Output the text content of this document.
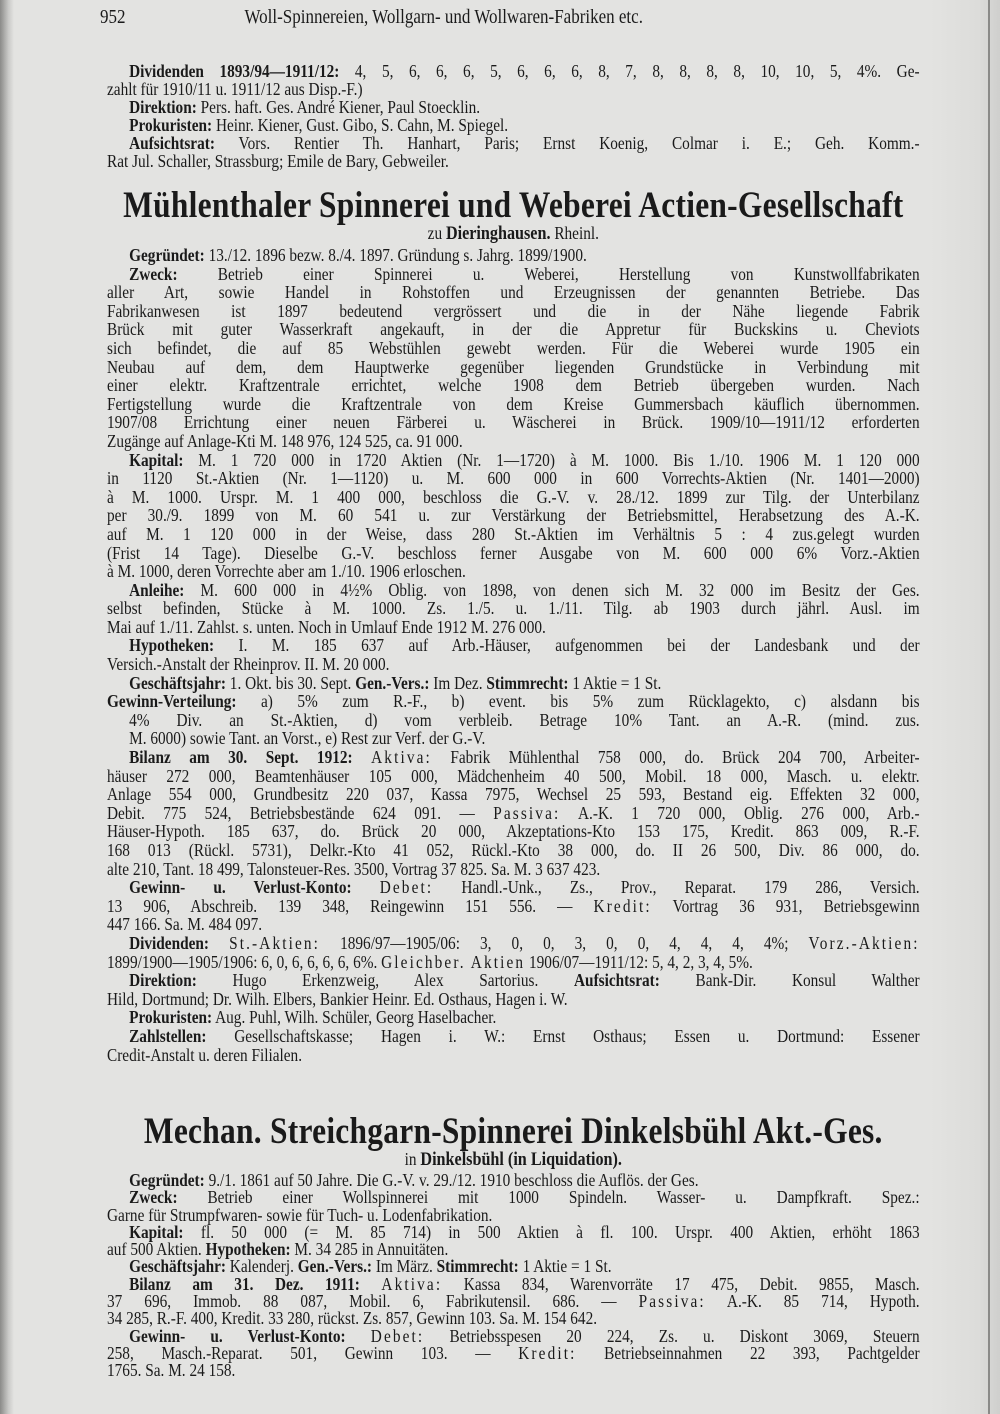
952	Woll-Spinnereien, Wollgarn- und Wollwaren-Fabriken etc.
Dividenden 1893/94—1911/12: 4, 5, 6, 6, 6, 5, 6, 6, 6, 8, 7, 8, 8, 8, 8, 10, 10, 5, 4%. Ge-
zahlt für 1910/11 u. 1911/12 aus Disp.-F.)
Direktion: Pers. haft. Ges. André Kiener, Paul Stoecklin.
Prokuristen: Heinr. Kiener, Gust. Gibo, S. Cahn, M. Spiegel.
Aufsichtsrat: Vors. Rentier Th. Hanhart, Paris; Ernst Koenig, Colmar i. E.; Geh. Komm.-
Rat Jul. Schaller, Strassburg; Emile de Bary, Gebweiler.
Mühlenthaler Spinnerei und Weberei Actien-Gesellschaft
zu Dieringhausen. Rheinl.
Gegründet: 13./12. 1896 bezw. 8./4. 1897. Gründung s. Jahrg. 1899/1900.
Zweck: Betrieb einer Spinnerei u. Weberei, Herstellung von Kunstwollfabrikaten
aller Art, sowie Handel in Rohstoffen und Erzeugnissen der genannten Betriebe. Das
Fabrikanwesen ist 1897 bedeutend vergrössert und die in der Nähe liegende Fabrik
Brück mit guter Wasserkraft angekauft, in der die Appretur für Buckskins u. Cheviots
sich befindet, die auf 85 Webstühlen gewebt werden. Für die Weberei wurde 1905 ein
Neubau auf dem, dem Hauptwerke gegenüber liegenden Grundstücke in Verbindung mit
einer elektr. Kraftzentrale errichtet, welche 1908 dem Betrieb übergeben wurden. Nach
Fertigstellung wurde die Kraftzentrale von dem Kreise Gummersbach käuflich übernommen.
1907/08 Errichtung einer neuen Färberei u. Wäscherei in Brück. 1909/10—1911/12 erforderten
Zugänge auf Anlage-Kti M. 148 976, 124 525, ca. 91 000.
Kapital: M. 1 720 000 in 1720 Aktien (Nr. 1—1720) à M. 1000. Bis 1./10. 1906 M. 1 120 000
in 1120 St.-Aktien (Nr. 1—1120) u. M. 600 000 in 600 Vorrechts-Aktien (Nr. 1401—2000)
à M. 1000. Urspr. M. 1 400 000, beschloss die G.-V. v. 28./12. 1899 zur Tilg. der Unterbilanz
per 30./9. 1899 von M. 60 541 u. zur Verstärkung der Betriebsmittel, Herabsetzung des A.-K.
auf M. 1 120 000 in der Weise, dass 280 St.-Aktien im Verhältnis 5 : 4 zus.gelegt wurden
(Frist 14 Tage). Dieselbe G.-V. beschloss ferner Ausgabe von M. 600 000 6% Vorz.-Aktien
à M. 1000, deren Vorrechte aber am 1./10. 1906 erloschen.
Anleihe: M. 600 000 in 4½% Oblig. von 1898, von denen sich M. 32 000 im Besitz der Ges.
selbst befinden, Stücke à M. 1000. Zs. 1./5. u. 1./11. Tilg. ab 1903 durch jährl. Ausl. im
Mai auf 1./11. Zahlst. s. unten. Noch in Umlauf Ende 1912 M. 276 000.
Hypotheken: I. M. 185 637 auf Arb.-Häuser, aufgenommen bei der Landesbank und der
Versich.-Anstalt der Rheinprov. II. M. 20 000.
Geschäftsjahr: 1. Okt. bis 30. Sept. Gen.-Vers.: Im Dez. Stimmrecht: 1 Aktie = 1 St.
Gewinn-Verteilung: a) 5% zum R.-F., b) event. bis 5% zum Rücklagekto, c) alsdann bis
4% Div. an St.-Aktien, d) vom verbleib. Betrage 10% Tant. an A.-R. (mind. zus.
M. 6000) sowie Tant. an Vorst., e) Rest zur Verf. der G.-V.
Bilanz am 30. Sept. 1912: Aktiva: Fabrik Mühlenthal 758 000, do. Brück 204 700, Arbeiter-
häuser 272 000, Beamtenhäuser 105 000, Mädchenheim 40 500, Mobil. 18 000, Masch. u. elektr.
Anlage 554 000, Grundbesitz 220 037, Kassa 7975, Wechsel 25 593, Bestand eig. Effekten 32 000,
Debit. 775 524, Betriebsbestände 624 091. — Passiva: A.-K. 1 720 000, Oblig. 276 000, Arb.-
Häuser-Hypoth. 185 637, do. Brück 20 000, Akzeptations-Kto 153 175, Kredit. 863 009, R.-F.
168 013 (Rückl. 5731), Delkr.-Kto 41 052, Rückl.-Kto 38 000, do. II 26 500, Div. 86 000, do.
alte 210, Tant. 18 499, Talonsteuer-Res. 3500, Vortrag 37 825. Sa. M. 3 637 423.
Gewinn- u. Verlust-Konto: Debet: Handl.-Unk., Zs., Prov., Reparat. 179 286, Versich.
13 906, Abschreib. 139 348, Reingewinn 151 556. — Kredit: Vortrag 36 931, Betriebsgewinn
447 166. Sa. M. 484 097.
Dividenden: St.-Aktien: 1896/97—1905/06: 3, 0, 0, 3, 0, 0, 4, 4, 4, 4%; Vorz.-Aktien:
1899/1900—1905/1906: 6, 0, 6, 6, 6, 6, 6%. Gleichber. Aktien 1906/07—1911/12: 5, 4, 2, 3, 4, 5%.
Direktion: Hugo Erkenzweig, Alex Sartorius. Aufsichtsrat: Bank-Dir. Konsul Walther
Hild, Dortmund; Dr. Wilh. Elbers, Bankier Heinr. Ed. Osthaus, Hagen i. W.
Prokuristen: Aug. Puhl, Wilh. Schüler, Georg Haselbacher.
Zahlstellen: Gesellschaftskasse; Hagen i. W.: Ernst Osthaus; Essen u. Dortmund: Essener
Credit-Anstalt u. deren Filialen.
Mechan. Streichgarn-Spinnerei Dinkelsbühl Akt.-Ges.
in Dinkelsbühl (in Liquidation).
Gegründet: 9./1. 1861 auf 50 Jahre. Die G.-V. v. 29./12. 1910 beschloss die Auflös. der Ges.
Zweck: Betrieb einer Wollspinnerei mit 1000 Spindeln. Wasser- u. Dampfkraft. Spez.:
Garne für Strumpfwaren- sowie für Tuch- u. Lodenfabrikation.
Kapital: fl. 50 000 (= M. 85 714) in 500 Aktien à fl. 100. Urspr. 400 Aktien, erhöht 1863
auf 500 Aktien. Hypotheken: M. 34 285 in Annuitäten.
Geschäftsjahr: Kalenderj. Gen.-Vers.: Im März. Stimmrecht: 1 Aktie = 1 St.
Bilanz am 31. Dez. 1911: Aktiva: Kassa 834, Warenvorräte 17 475, Debit. 9855, Masch.
37 696, Immob. 88 087, Mobil. 6, Fabrikutensil. 686. — Passiva: A.-K. 85 714, Hypoth.
34 285, R.-F. 400, Kredit. 33 280, rückst. Zs. 857, Gewinn 103. Sa. M. 154 642.
Gewinn- u. Verlust-Konto: Debet: Betriebsspesen 20 224, Zs. u. Diskont 3069, Steuern
258, Masch.-Reparat. 501, Gewinn 103. — Kredit: Betriebseinnahmen 22 393, Pachtgelder
1765. Sa. M. 24 158.
